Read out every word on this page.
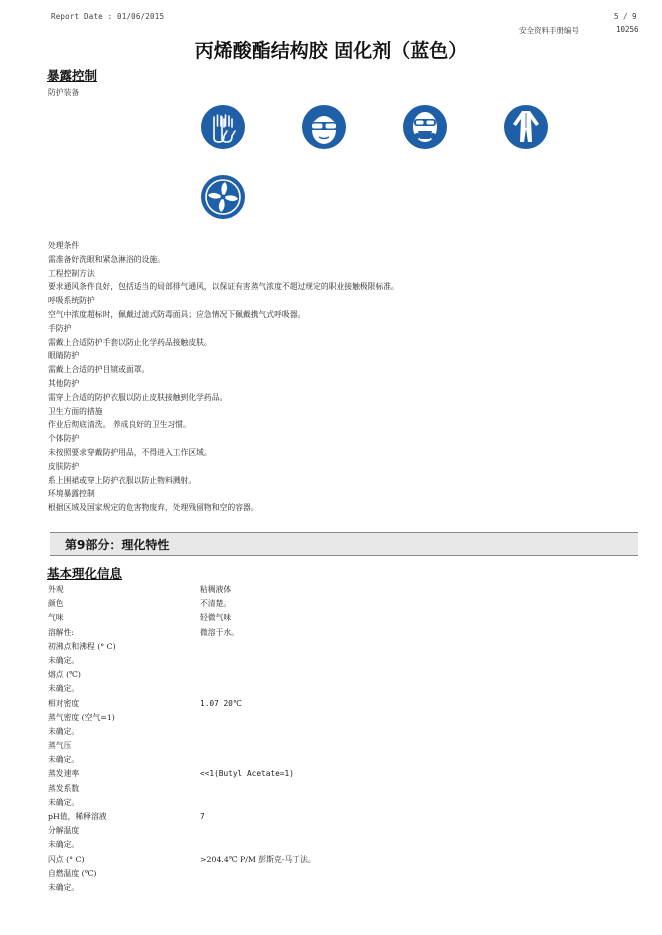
Report Date : 01/06/2015	5 / 9
安全资料手册编号	10256
丙烯酸酯结构胶 固化剂（蓝色）
暴露控制
防护装备
处理条件
需准备好洗眼和紧急淋浴的设施。
工程控制方法
要求通风条件良好，包括适当的局部排气通风，以保证有害蒸气浓度不超过规定的职业接触极限标准。
呼吸系统防护
空气中浓度超标时，佩戴过滤式防毒面具；应急情况下佩戴携气式呼吸器。
手防护
需戴上合适防护手套以防止化学药品接触皮肤。
眼睛防护
需戴上合适的护目镜或面罩。
其他防护
需穿上合适的防护衣服以防止皮肤接触到化学药品。
卫生方面的措施
作业后彻底清洗。 养成良好的卫生习惯。
个体防护
未按照要求穿戴防护用品，不得进入工作区域。
皮肤防护
系上围裙或穿上防护衣服以防止物料溅射。
环境暴露控制
根据区域及国家规定的危害物废弃，处理残留物和空的容器。
第9部分：理化特性
基本理化信息
外观	粘稠液体
颜色	不清楚。
气味	轻微气味
溶解性:	微溶于水。
初沸点和沸程 (° C)
未确定。
熔点 (℃)
未确定。
相对密度	1.07 20℃
蒸气密度 (空气=1)
未确定。
蒸气压
未确定。
蒸发速率	<<1(Butyl Acetate=1)
蒸发系数
未确定。
pH值，稀释溶液	7
分解温度
未确定。
闪点 (° C)	>204.4℃ P/M 彭斯克-马丁法。
自燃温度 (℃)
未确定。
